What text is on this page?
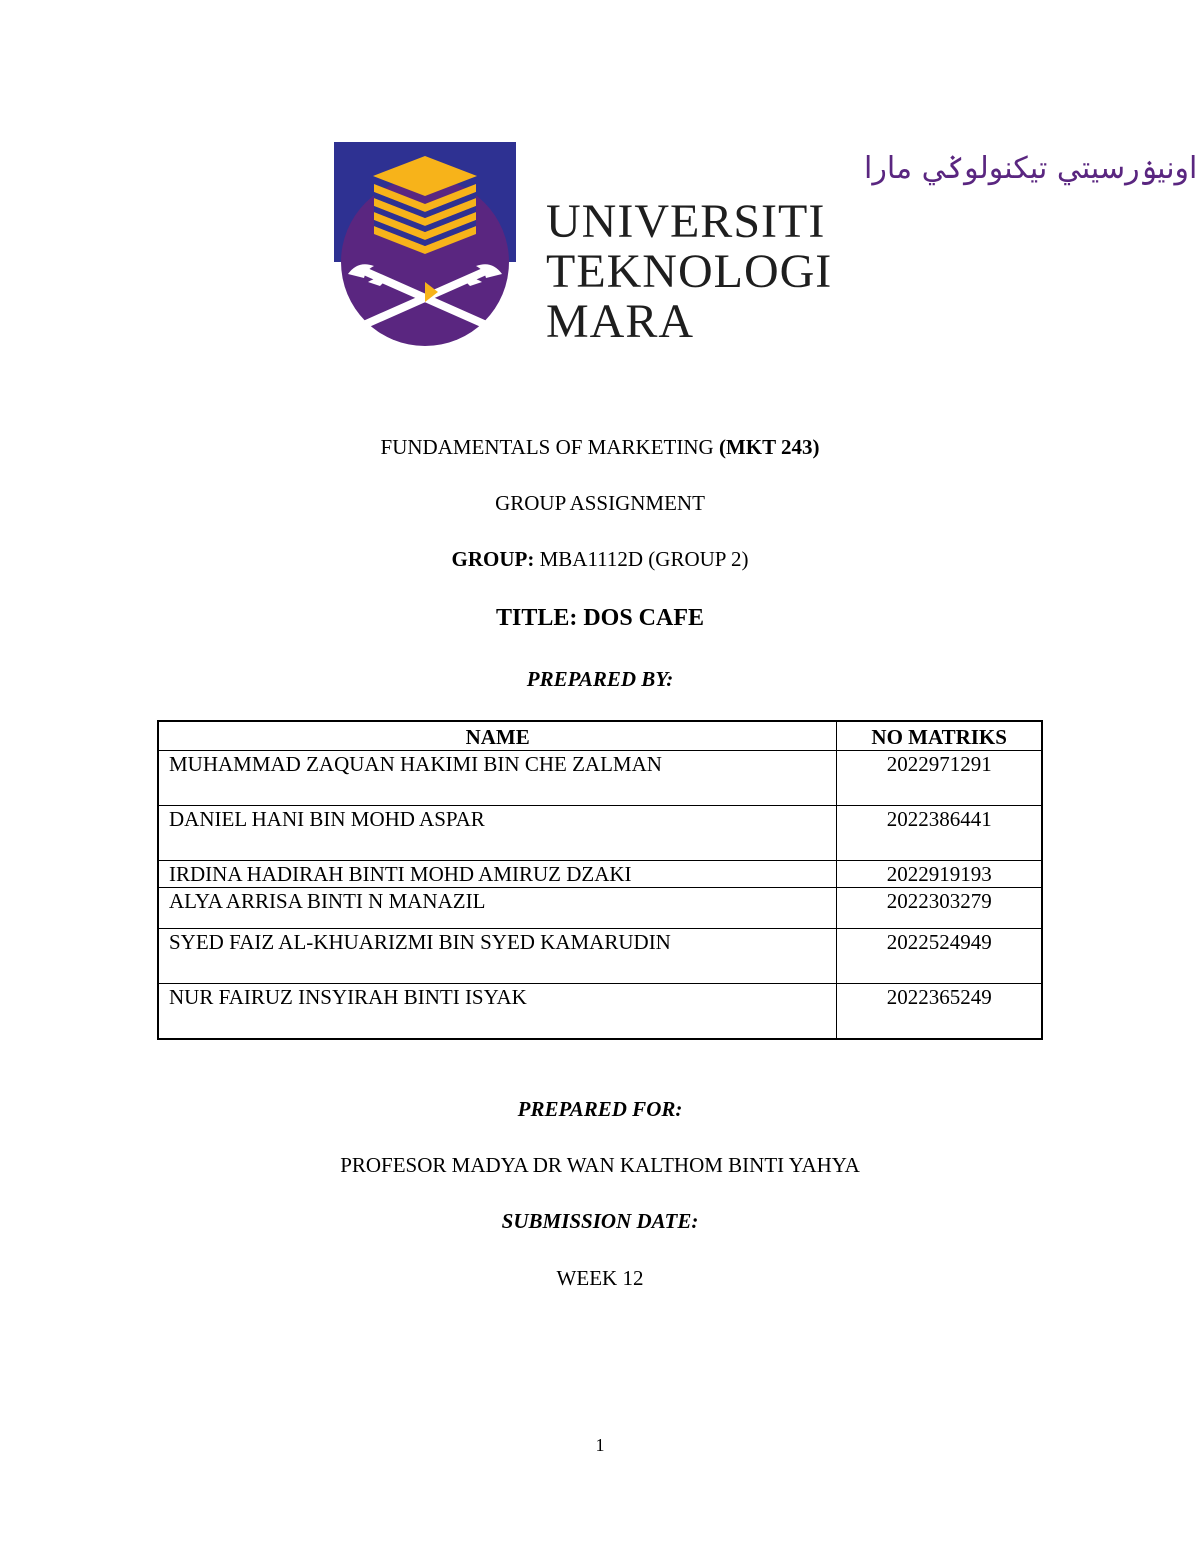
اونيۏرسيتي تيکنولوݢي مارا
UNIVERSITI
TEKNOLOGI
MARA
FUNDAMENTALS OF MARKETING (MKT 243)
GROUP ASSIGNMENT
GROUP: MBA1112D (GROUP 2)
TITLE: DOS CAFE
PREPARED BY:
NAME	NO MATRIKS
MUHAMMAD ZAQUAN HAKIMI BIN CHE ZALMAN	2022971291
DANIEL HANI BIN MOHD ASPAR	2022386441
IRDINA HADIRAH BINTI MOHD AMIRUZ DZAKI	2022919193
ALYA ARRISA BINTI N MANAZIL	2022303279
SYED FAIZ AL-KHUARIZMI BIN SYED KAMARUDIN	2022524949
NUR FAIRUZ INSYIRAH BINTI ISYAK	2022365249
PREPARED FOR:
PROFESOR MADYA DR WAN KALTHOM BINTI YAHYA
SUBMISSION DATE:
WEEK 12
1
